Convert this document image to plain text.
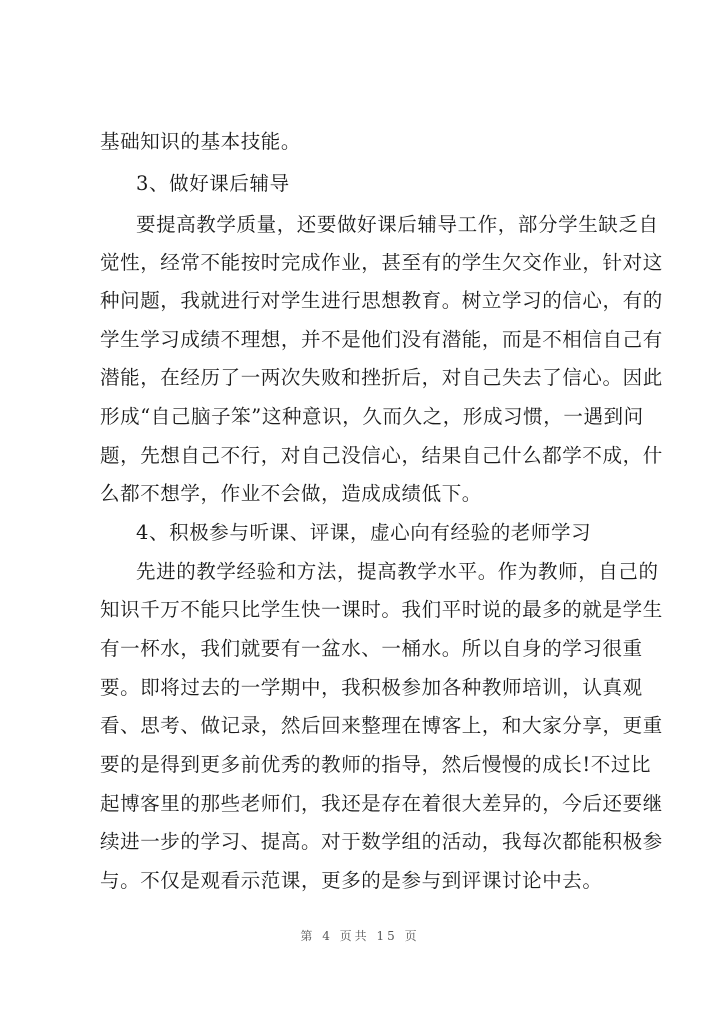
基础知识的基本技能。
3、做好课后辅导
要提高教学质量，还要做好课后辅导工作，部分学生缺乏自
觉性，经常不能按时完成作业，甚至有的学生欠交作业，针对这
种问题，我就进行对学生进行思想教育。树立学习的信心，有的
学生学习成绩不理想，并不是他们没有潜能，而是不相信自己有
潜能，在经历了一两次失败和挫折后，对自己失去了信心。因此
形成“自己脑子笨”这种意识，久而久之，形成习惯，一遇到问
题，先想自己不行，对自己没信心，结果自己什么都学不成，什
么都不想学，作业不会做，造成成绩低下。
4、积极参与听课、评课，虚心向有经验的老师学习
先进的教学经验和方法，提高教学水平。作为教师，自己的
知识千万不能只比学生快一课时。我们平时说的最多的就是学生
有一杯水，我们就要有一盆水、一桶水。所以自身的学习很重
要。即将过去的一学期中，我积极参加各种教师培训，认真观
看、思考、做记录，然后回来整理在博客上，和大家分享，更重
要的是得到更多前优秀的教师的指导，然后慢慢的成长!不过比
起博客里的那些老师们，我还是存在着很大差异的，今后还要继
续进一步的学习、提高。对于数学组的活动，我每次都能积极参
与。不仅是观看示范课，更多的是参与到评课讨论中去。
第 4 页共 15 页
